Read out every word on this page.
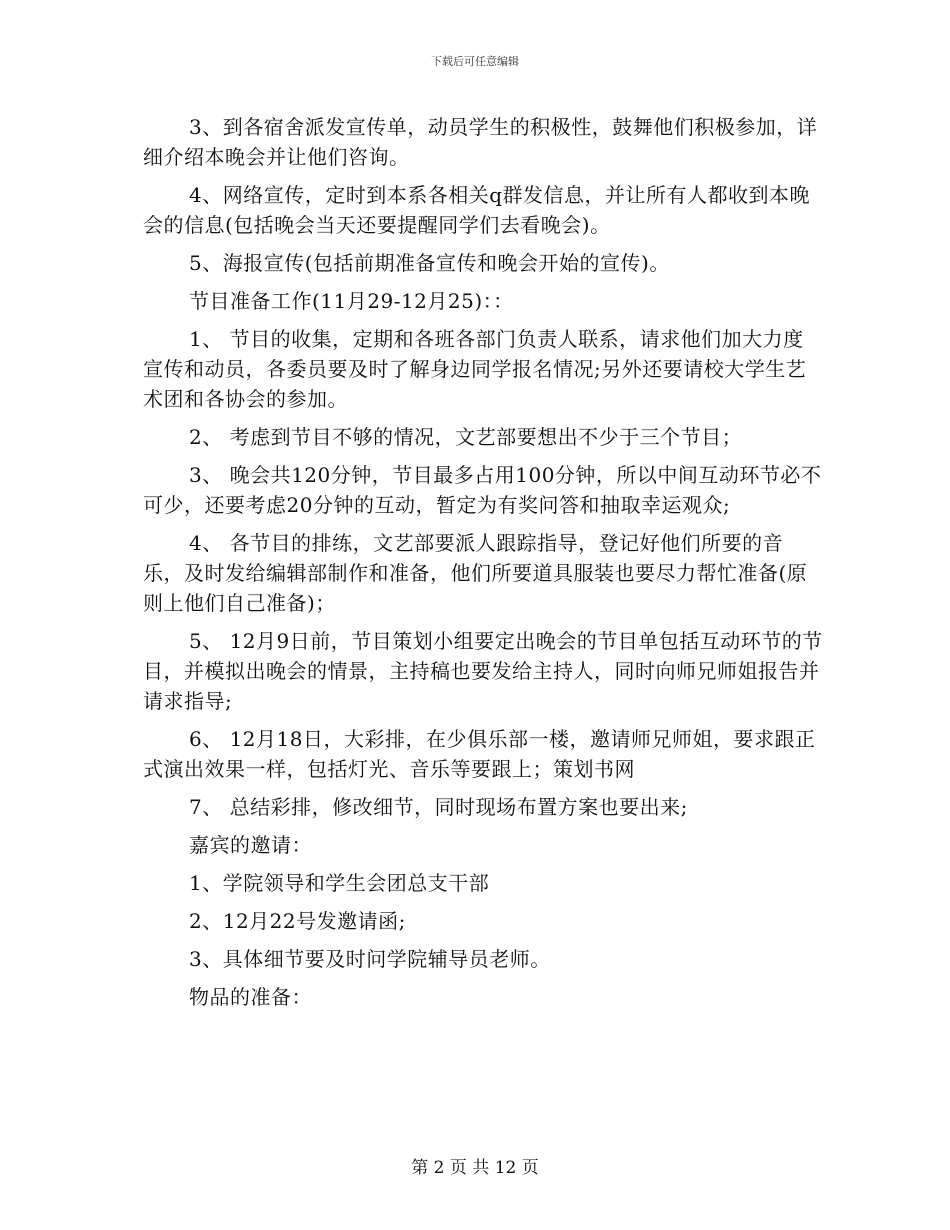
下载后可任意编辑

3、到各宿舍派发宣传单，动员学生的积极性，鼓舞他们积极参加，详细介绍本晚会并让他们咨询。

4、网络宣传，定时到本系各相关q群发信息，并让所有人都收到本晚会的信息(包括晚会当天还要提醒同学们去看晚会)。

5、海报宣传(包括前期准备宣传和晚会开始的宣传)。

节目准备工作(11月29-12月25)：：

1、 节目的收集，定期和各班各部门负责人联系，请求他们加大力度宣传和动员，各委员要及时了解身边同学报名情况;另外还要请校大学生艺术团和各协会的参加。

2、 考虑到节目不够的情况，文艺部要想出不少于三个节目；

3、 晚会共120分钟，节目最多占用100分钟，所以中间互动环节必不可少，还要考虑20分钟的互动，暂定为有奖问答和抽取幸运观众;

4、 各节目的排练，文艺部要派人跟踪指导，登记好他们所要的音乐，及时发给编辑部制作和准备，他们所要道具服装也要尽力帮忙准备(原则上他们自己准备)；

5、 12月9日前，节目策划小组要定出晚会的节目单包括互动环节的节目，并模拟出晚会的情景，主持稿也要发给主持人，同时向师兄师姐报告并请求指导;

6、 12月18日，大彩排，在少俱乐部一楼，邀请师兄师姐，要求跟正式演出效果一样，包括灯光、音乐等要跟上；策划书网

7、 总结彩排，修改细节，同时现场布置方案也要出来;

嘉宾的邀请：

1、学院领导和学生会团总支干部

2、12月22号发邀请函;

3、具体细节要及时问学院辅导员老师。

物品的准备：

第 2 页 共 12 页
